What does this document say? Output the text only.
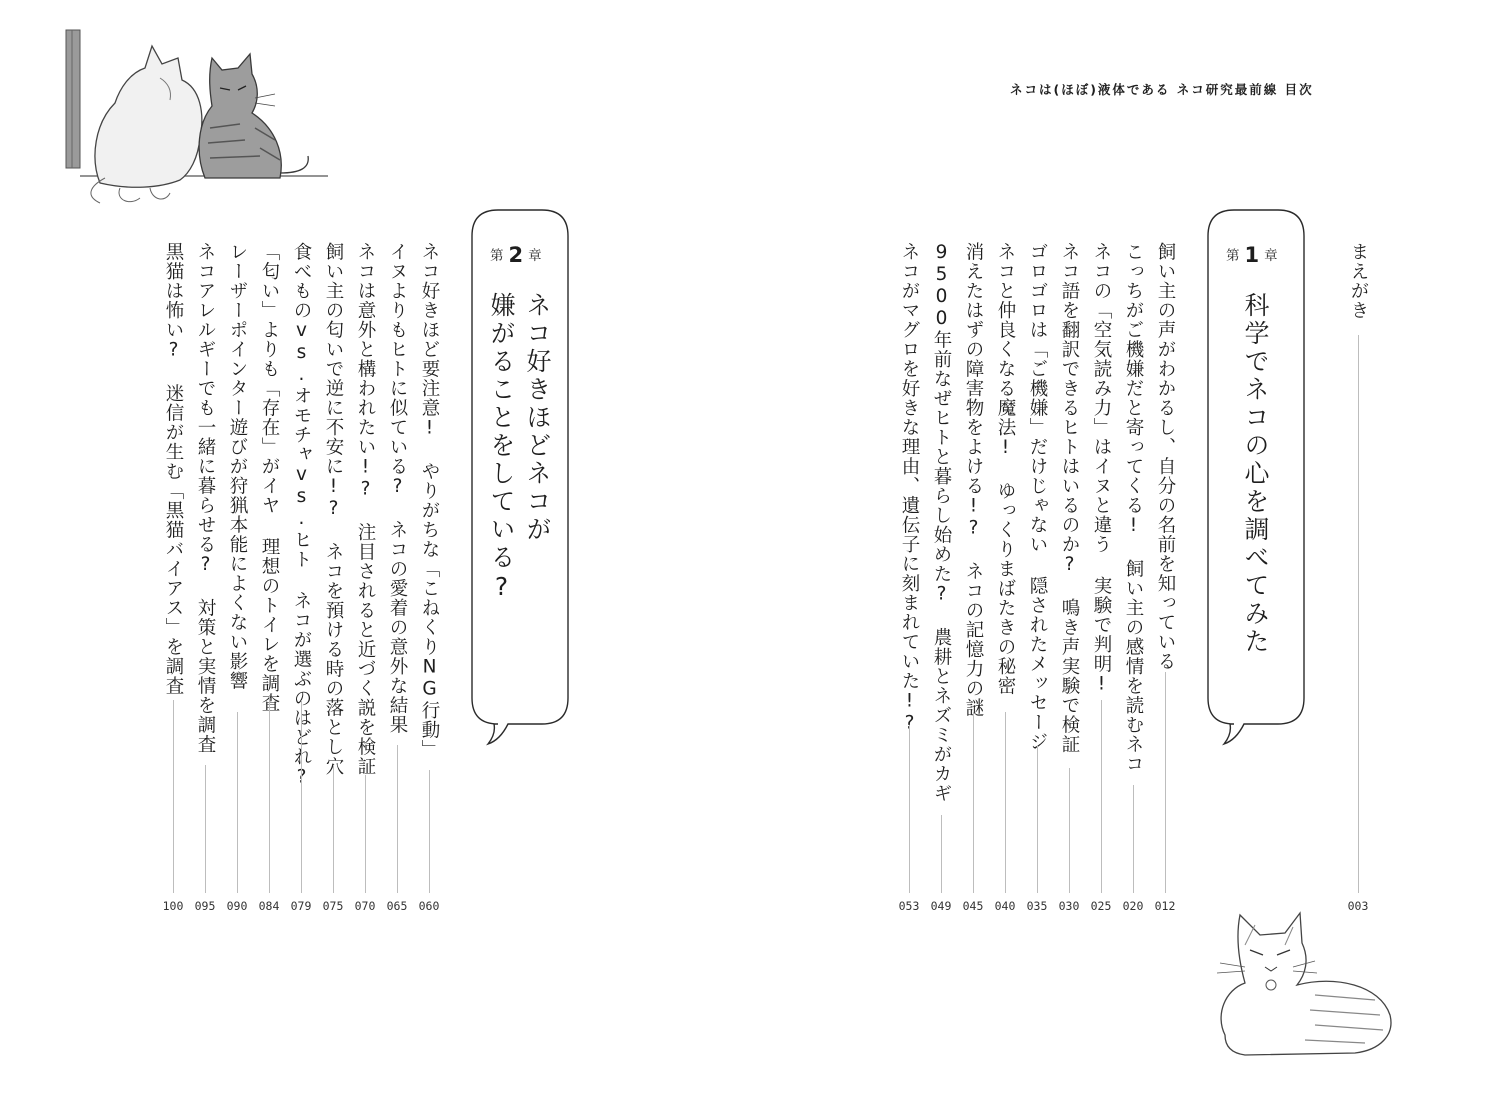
ネコは(ほぼ)液体である ネコ研究最前線 目次
まえがき
003
第 1 章
科学でネコの心を調べてみた
飼い主の声がわかるし、自分の名前を知っている
012
こっちがご機嫌だと寄ってくる! 飼い主の感情を読むネコ
020
ネコの「空気読み力」はイヌと違う 実験で判明!
025
ネコ語を翻訳できるヒトはいるのか? 鳴き声実験で検証
030
ゴロゴロは「ご機嫌」だけじゃない 隠されたメッセージ
035
ネコと仲良くなる魔法! ゆっくりまばたきの秘密
040
消えたはずの障害物をよける!? ネコの記憶力の謎
045
9500年前なぜヒトと暮らし始めた? 農耕とネズミがカギ
049
ネコがマグロを好きな理由、遺伝子に刻まれていた!?
053
第 2 章
ネコ好きほどネコが
嫌がることをしている?
ネコ好きほど要注意! やりがちな「こねくりNG行動」
060
イヌよりもヒトに似ている? ネコの愛着の意外な結果
065
ネコは意外と構われたい!? 注目されると近づく説を検証
070
飼い主の匂いで逆に不安に!? ネコを預ける時の落とし穴
075
食べものvs.オモチャvs.ヒト ネコが選ぶのはどれ?
079
「匂い」よりも「存在」がイヤ 理想のトイレを調査
084
レーザーポインター遊びが狩猟本能によくない影響
090
ネコアレルギーでも一緒に暮らせる? 対策と実情を調査
095
黒猫は怖い? 迷信が生む「黒猫バイアス」を調査
100
